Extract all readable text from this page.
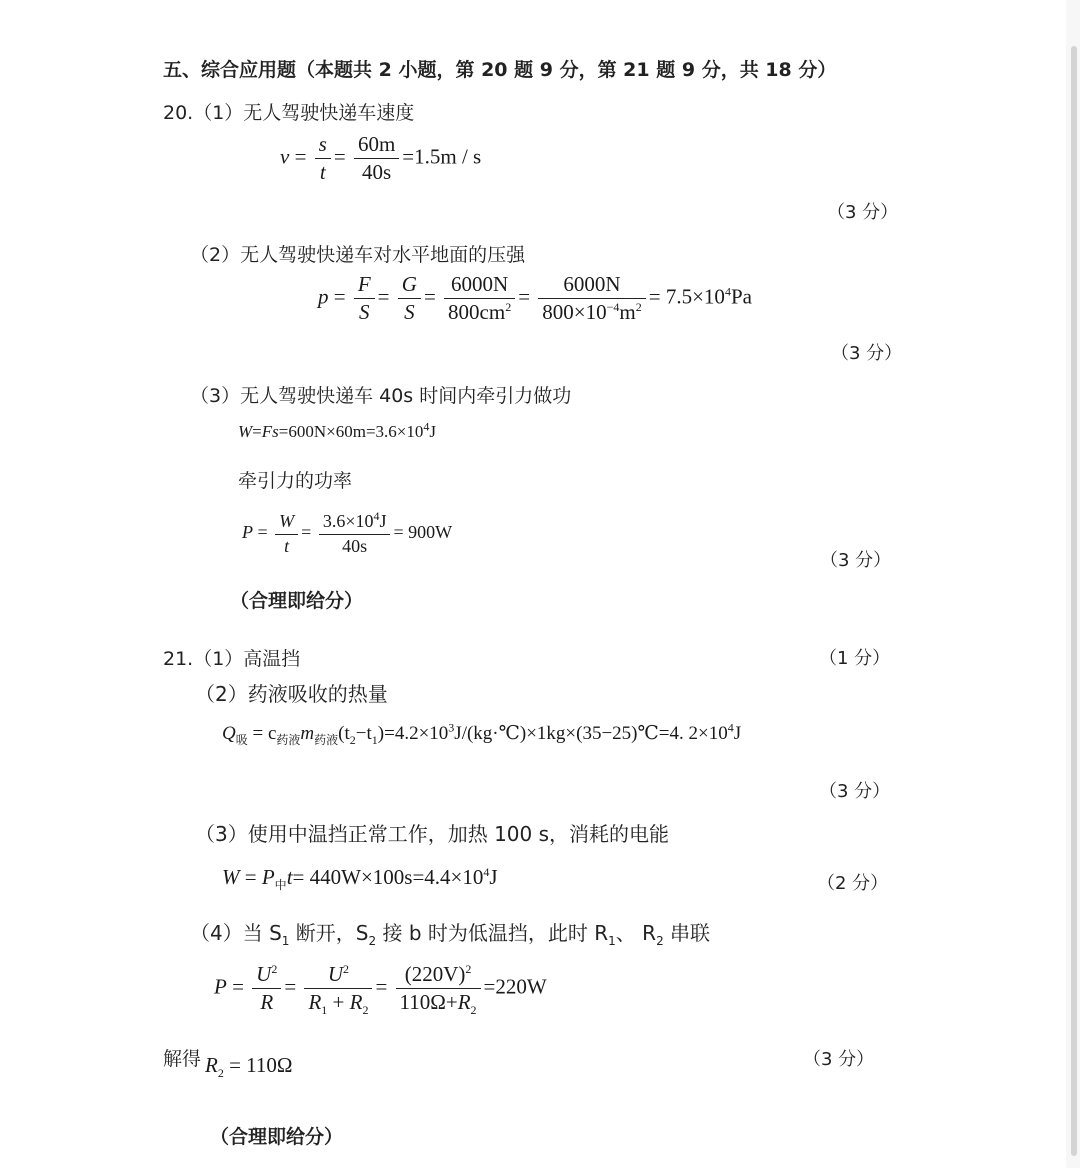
五、综合应用题（本题共 2 小题，第 20 题 9 分，第 21 题 9 分，共 18 分）
20.（1）无人驾驶快递车速度
$v = \frac{s}{t} = \frac{60m}{40s} =1.5m / s$
（3 分）
（2）无人驾驶快递车对水平地面的压强
$p = \frac{F}{S} = \frac{G}{S} = \frac{6000N}{800cm^2} = \frac{6000N}{800\times 10^{-4}m^2} = 7.5\times 10^4Pa$
（3 分）
（3）无人驾驶快递车 40s 时间内牵引力做功
$W=Fs=600N\times 60m=3.6\times 10^4J$
牵引力的功率
$P = \frac{W}{t} = \frac{3.6\times 10^4J}{40s} = 900W$
（3 分）
（合理即给分）
21.（1）高温挡	（1 分）
（2）药液吸收的热量
$Q_吸$ = $c_{药液}m_{药液}(t_2-t_1)=4.2\times 10^3J/(kg\cdot℃)\times 1kg\times(35-25)℃=4$. $2\times 10^4J$
（3 分）
（3）使用中温挡正常工作，加热 100 s，消耗的电能
$W = P_中t= 440W\times 100s=4.4\times 10^4J$	（2 分）
（4）当 $S_1$ 断开，$S_2$ 接 b 时为低温挡，此时 $R_1$、 $R_2$ 串联
$P = \frac{U^2}{R} = \frac{U^2}{R_1 + R_2} = \frac{(220V)^2}{110\Omega+R_2} =220W$
解得 $R_2 = 110\Omega$	（3 分）
（合理即给分）
